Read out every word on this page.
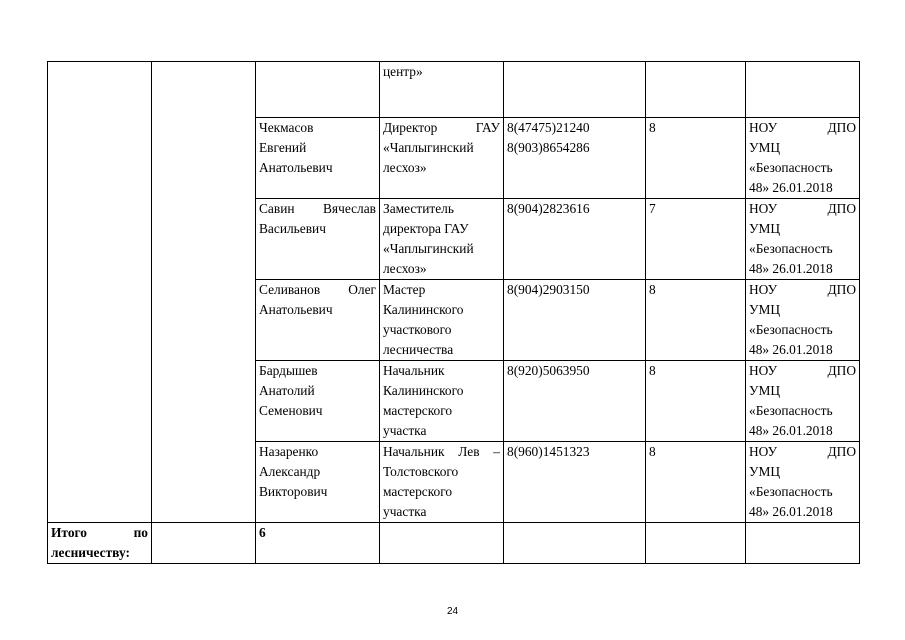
			центр»			

		Чекмасов
Евгений
Анатольевич	Директор ГАУ
«Чаплыгинский
лесхоз»	8(47475)21240
8(903)8654286	8	НОУ ДПО
УМЦ
«Безопасность
48» 26.01.2018

		Савин Вячеслав
Васильевич	Заместитель
директора ГАУ
«Чаплыгинский
лесхоз»	8(904)2823616	7	НОУ ДПО
УМЦ
«Безопасность
48» 26.01.2018

		Селиванов Олег
Анатольевич	Мастер
Калининского
участкового
лесничества	8(904)2903150	8	НОУ ДПО
УМЦ
«Безопасность
48» 26.01.2018

		Бардышев
Анатолий
Семенович	Начальник
Калининского
мастерского
участка	8(920)5063950	8	НОУ ДПО
УМЦ
«Безопасность
48» 26.01.2018

		Назаренко
Александр
Викторович	Начальник Лев –
Толстовского
мастерского
участка	8(960)1451323	8	НОУ ДПО
УМЦ
«Безопасность
48» 26.01.2018

Итого по
лесничеству:		6				
24
